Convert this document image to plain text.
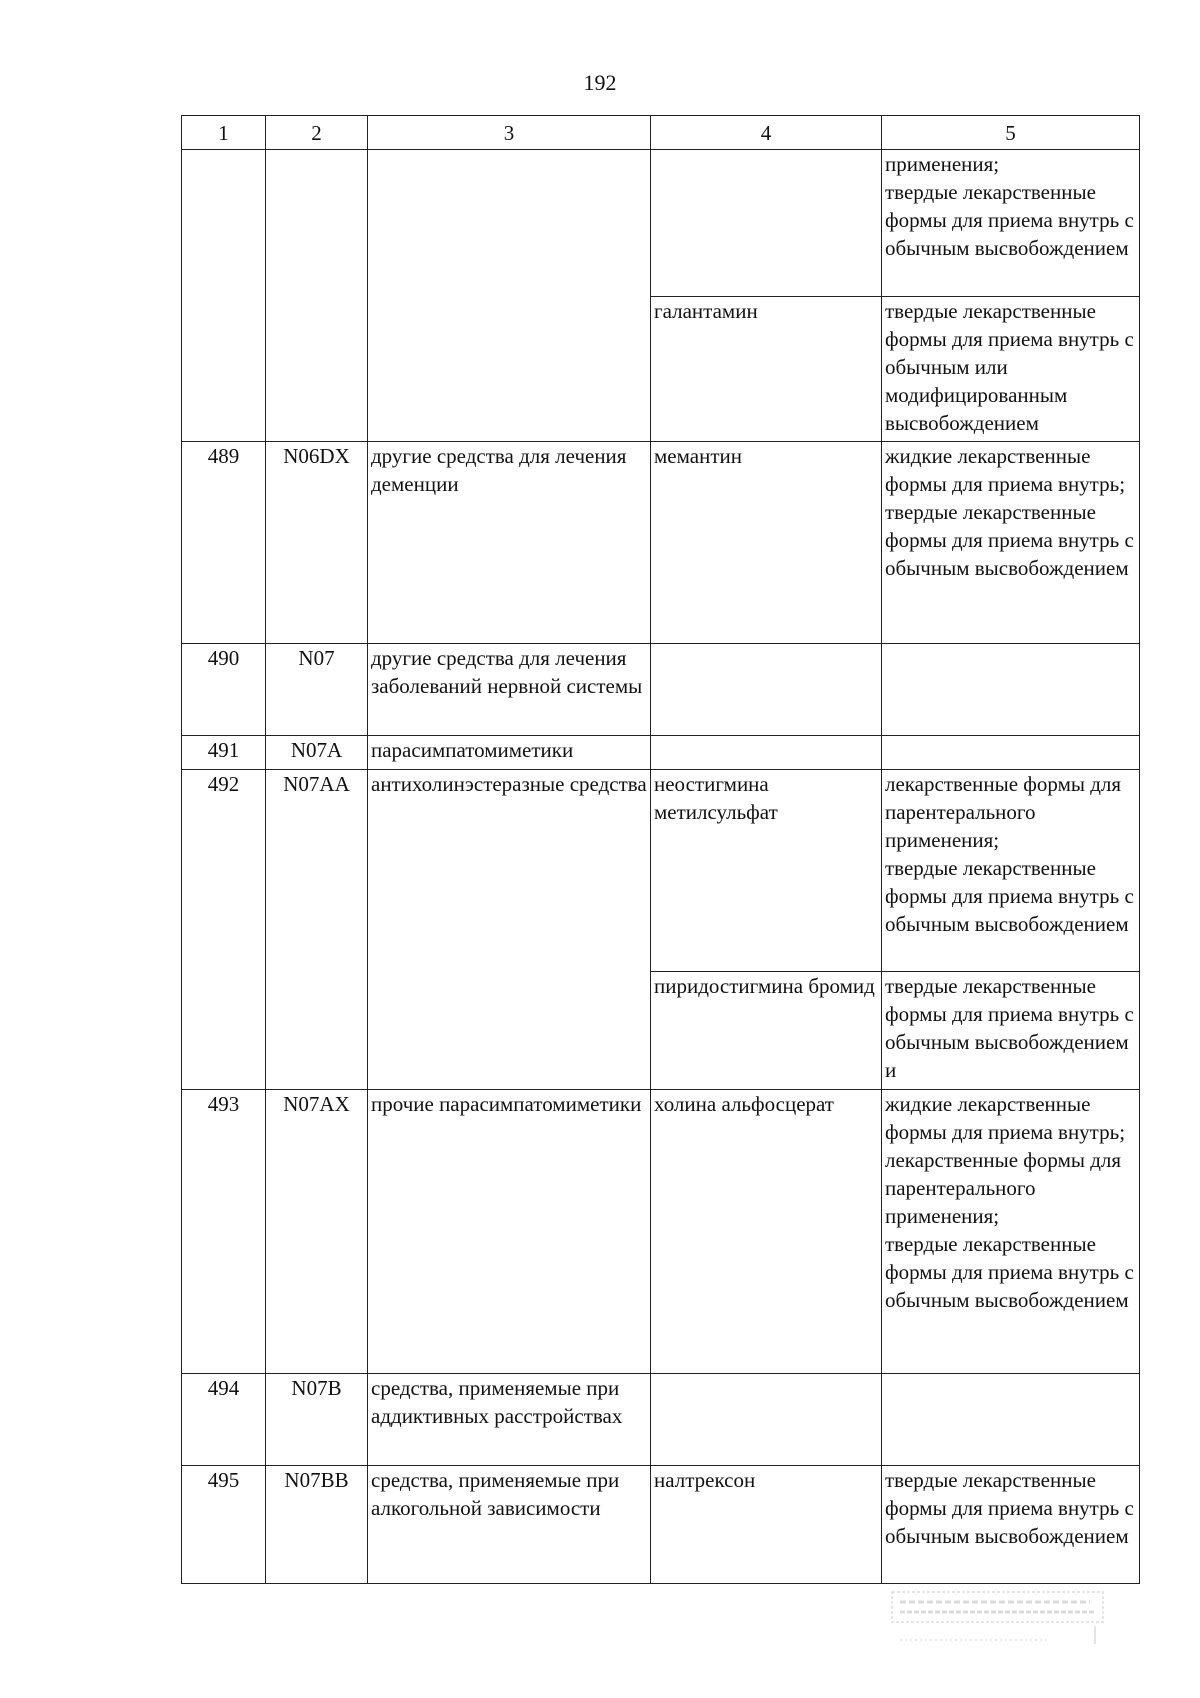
192
1	2	3	4	5
				применения;
твердые лекарственные формы для приема внутрь с обычным высвобождением
			галантамин	твердые лекарственные формы для приема внутрь с обычным или модифицированным высвобождением
489	N06DX	другие средства для лечения деменции	мемантин	жидкие лекарственные формы для приема внутрь;
твердые лекарственные формы для приема внутрь с обычным высвобождением
490	N07	другие средства для лечения заболеваний нервной системы		
491	N07A	парасимпатомиметики		
492	N07AA	антихолинэстеразные средства	неостигмина метилсульфат	лекарственные формы для парентерального применения;
твердые лекарственные формы для приема внутрь с обычным высвобождением
			пиридостигмина бромид	твердые лекарственные формы для приема внутрь с обычным высвобождением и
493	N07AX	прочие парасимпатомиметики	холина альфосцерат	жидкие лекарственные формы для приема внутрь;
лекарственные формы для парентерального применения;
твердые лекарственные формы для приема внутрь с обычным высвобождением
494	N07B	средства, применяемые при аддиктивных расстройствах		
495	N07BB	средства, применяемые при алкогольной зависимости	налтрексон	твердые лекарственные формы для приема внутрь с обычным высвобождением
